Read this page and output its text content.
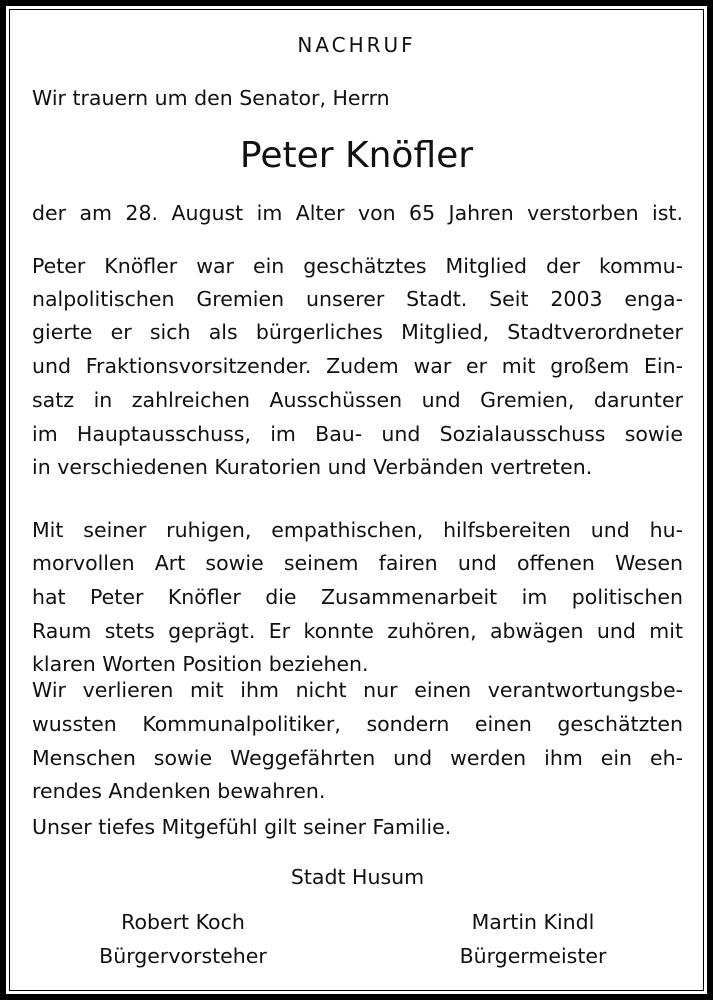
NACHRUF
Wir trauern um den Senator, Herrn
Peter Knöfler
der am 28. August im Alter von 65 Jahren verstorben ist.
Peter Knöfler war ein geschätztes Mitglied der kommu-
nalpolitischen Gremien unserer Stadt. Seit 2003 enga-
gierte er sich als bürgerliches Mitglied, Stadtverordneter
und Fraktionsvorsitzender. Zudem war er mit großem Ein-
satz in zahlreichen Ausschüssen und Gremien, darunter
im Hauptausschuss, im Bau- und Sozialausschuss sowie
in verschiedenen Kuratorien und Verbänden vertreten.
Mit seiner ruhigen, empathischen, hilfsbereiten und hu-
morvollen Art sowie seinem fairen und offenen Wesen
hat Peter Knöfler die Zusammenarbeit im politischen
Raum stets geprägt. Er konnte zuhören, abwägen und mit
klaren Worten Position beziehen.
Wir verlieren mit ihm nicht nur einen verantwortungsbe-
wussten Kommunalpolitiker, sondern einen geschätzten
Menschen sowie Weggefährten und werden ihm ein eh-
rendes Andenken bewahren.
Unser tiefes Mitgefühl gilt seiner Familie.
Stadt Husum
Robert Koch
Bürgervorsteher
Martin Kindl
Bürgermeister
